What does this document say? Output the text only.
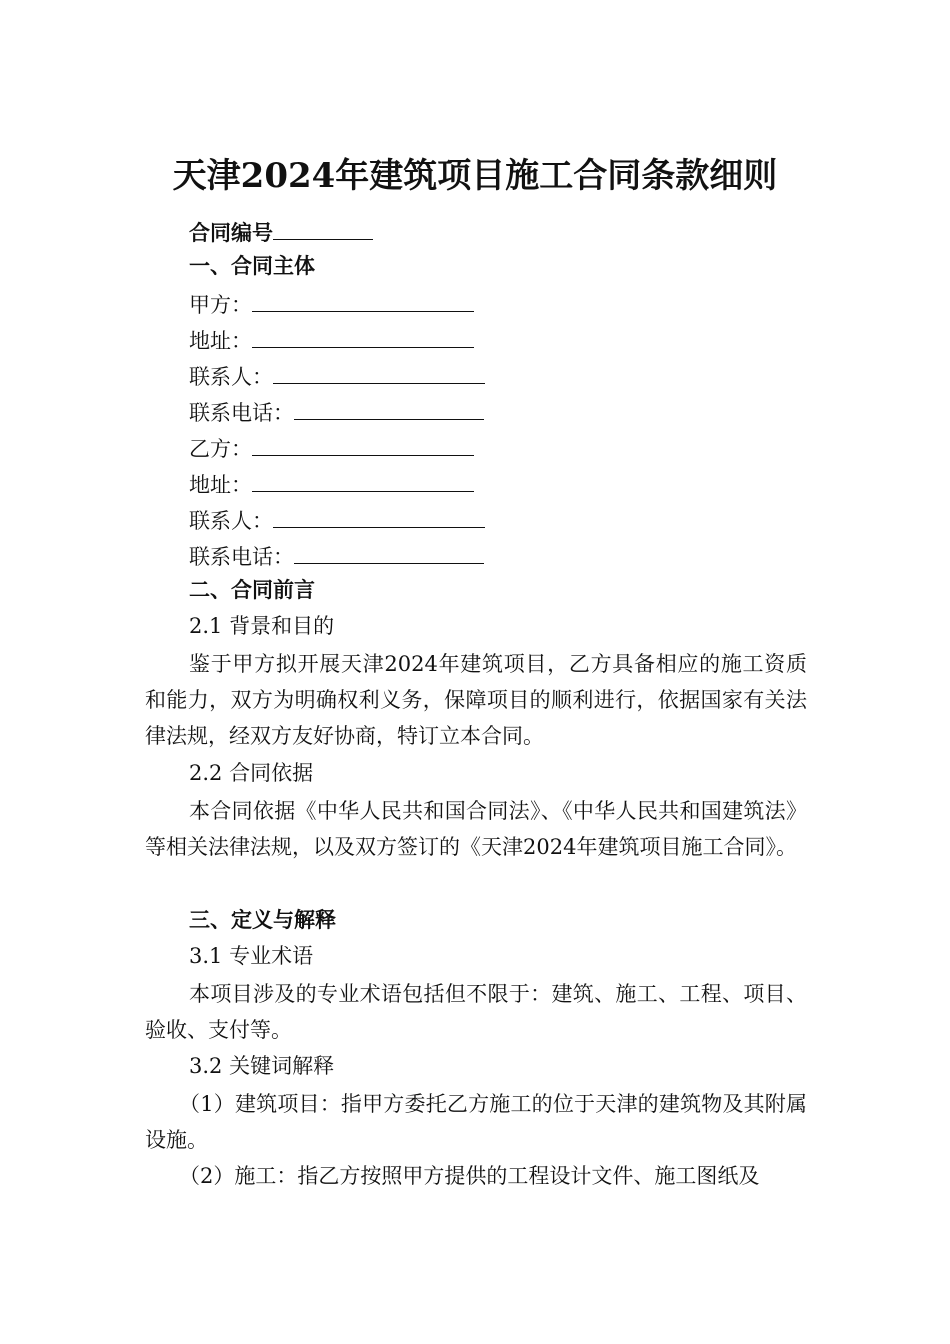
天津2024年建筑项目施工合同条款细则
合同编号
一、合同主体
甲方：
地址：
联系人：
联系电话：
乙方：
地址：
联系人：
联系电话：
二、合同前言
2.1 背景和目的
鉴于甲方拟开展天津2024年建筑项目，乙方具备相应的施工资质和能力，双方为明确权利义务，保障项目的顺利进行，依据国家有关法律法规，经双方友好协商，特订立本合同。
2.2 合同依据
本合同依据《中华人民共和国合同法》、《中华人民共和国建筑法》等相关法律法规，以及双方签订的《天津2024年建筑项目施工合同》。
三、定义与解释
3.1 专业术语
本项目涉及的专业术语包括但不限于：建筑、施工、工程、项目、验收、支付等。
3.2 关键词解释
（1）建筑项目：指甲方委托乙方施工的位于天津的建筑物及其附属设施。
（2）施工：指乙方按照甲方提供的工程设计文件、施工图纸及
